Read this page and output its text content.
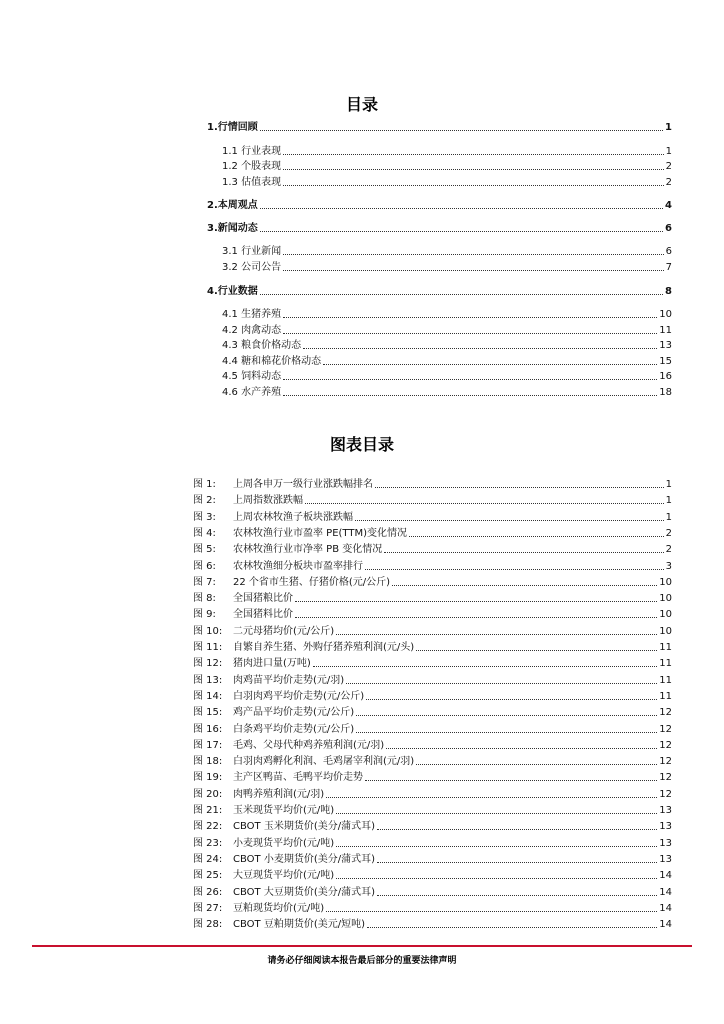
目录
1.行情回顾	1
1.1 行业表现	1
1.2 个股表现	2
1.3 估值表现	2
2.本周观点	4
3.新闻动态	6
3.1 行业新闻	6
3.2 公司公告	7
4.行业数据	8
4.1 生猪养殖	10
4.2 肉禽动态	11
4.3 粮食价格动态	13
4.4 糖和棉花价格动态	15
4.5 饲料动态	16
4.6 水产养殖	18
图表目录
图 1: 上周各申万一级行业涨跌幅排名	1
图 2: 上周指数涨跌幅	1
图 3: 上周农林牧渔子板块涨跌幅	1
图 4: 农林牧渔行业市盈率 PE(TTM)变化情况	2
图 5: 农林牧渔行业市净率 PB 变化情况	2
图 6: 农林牧渔细分板块市盈率排行	3
图 7: 22 个省市生猪、仔猪价格(元/公斤)	10
图 8: 全国猪粮比价	10
图 9: 全国猪料比价	10
图 10: 二元母猪均价(元/公斤)	10
图 11: 自繁自养生猪、外购仔猪养殖利润(元/头)	11
图 12: 猪肉进口量(万吨)	11
图 13: 肉鸡苗平均价走势(元/羽)	11
图 14: 白羽肉鸡平均价走势(元/公斤)	11
图 15: 鸡产品平均价走势(元/公斤)	12
图 16: 白条鸡平均价走势(元/公斤)	12
图 17: 毛鸡、父母代种鸡养殖利润(元/羽)	12
图 18: 白羽肉鸡孵化利润、毛鸡屠宰利润(元/羽)	12
图 19: 主产区鸭苗、毛鸭平均价走势	12
图 20: 肉鸭养殖利润(元/羽)	12
图 21: 玉米现货平均价(元/吨)	13
图 22: CBOT 玉米期货价(美分/蒲式耳)	13
图 23: 小麦现货平均价(元/吨)	13
图 24: CBOT 小麦期货价(美分/蒲式耳)	13
图 25: 大豆现货平均价(元/吨)	14
图 26: CBOT 大豆期货价(美分/蒲式耳)	14
图 27: 豆粕现货均价(元/吨)	14
图 28: CBOT 豆粕期货价(美元/短吨)	14
请务必仔细阅读本报告最后部分的重要法律声明
